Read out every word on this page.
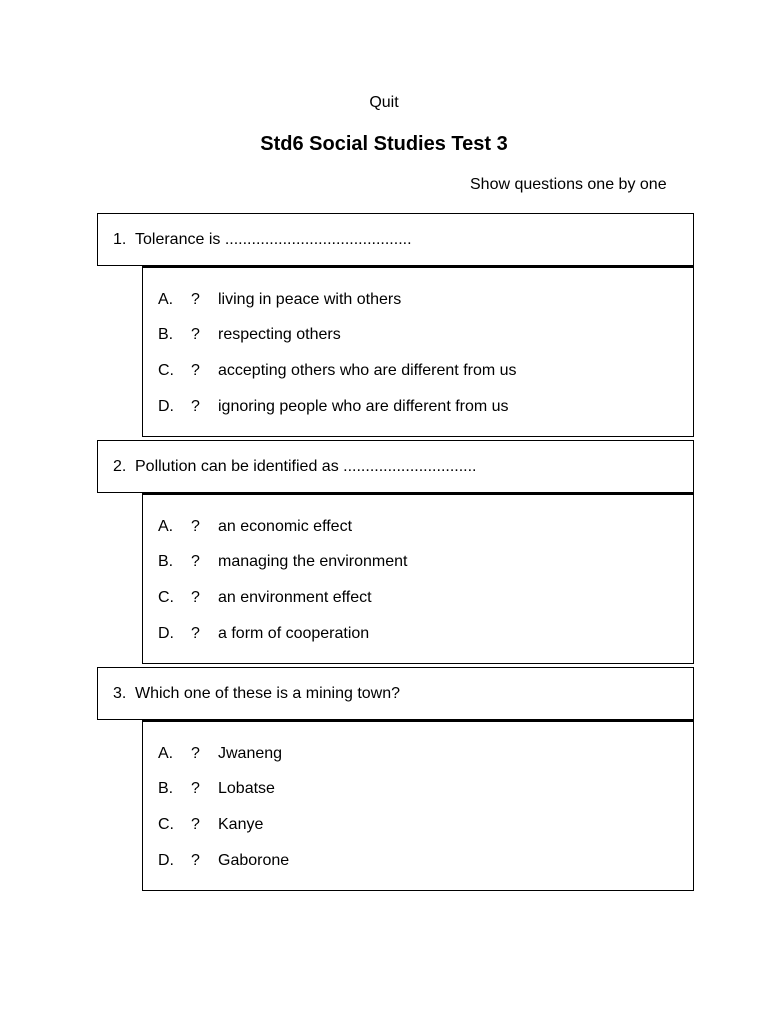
Quit
Std6 Social Studies Test 3
Show questions one by one
1. Tolerance is ..........................................
A.	?	living in peace with others
B.	?	respecting others
C.	?	accepting others who are different from us
D.	?	ignoring people who are different from us
2. Pollution can be identified as ..............................
A.	?	an economic effect
B.	?	managing the environment
C.	?	an environment effect
D.	?	a form of cooperation
3. Which one of these is a mining town?
A.	?	Jwaneng
B.	?	Lobatse
C.	?	Kanye
D.	?	Gaborone
